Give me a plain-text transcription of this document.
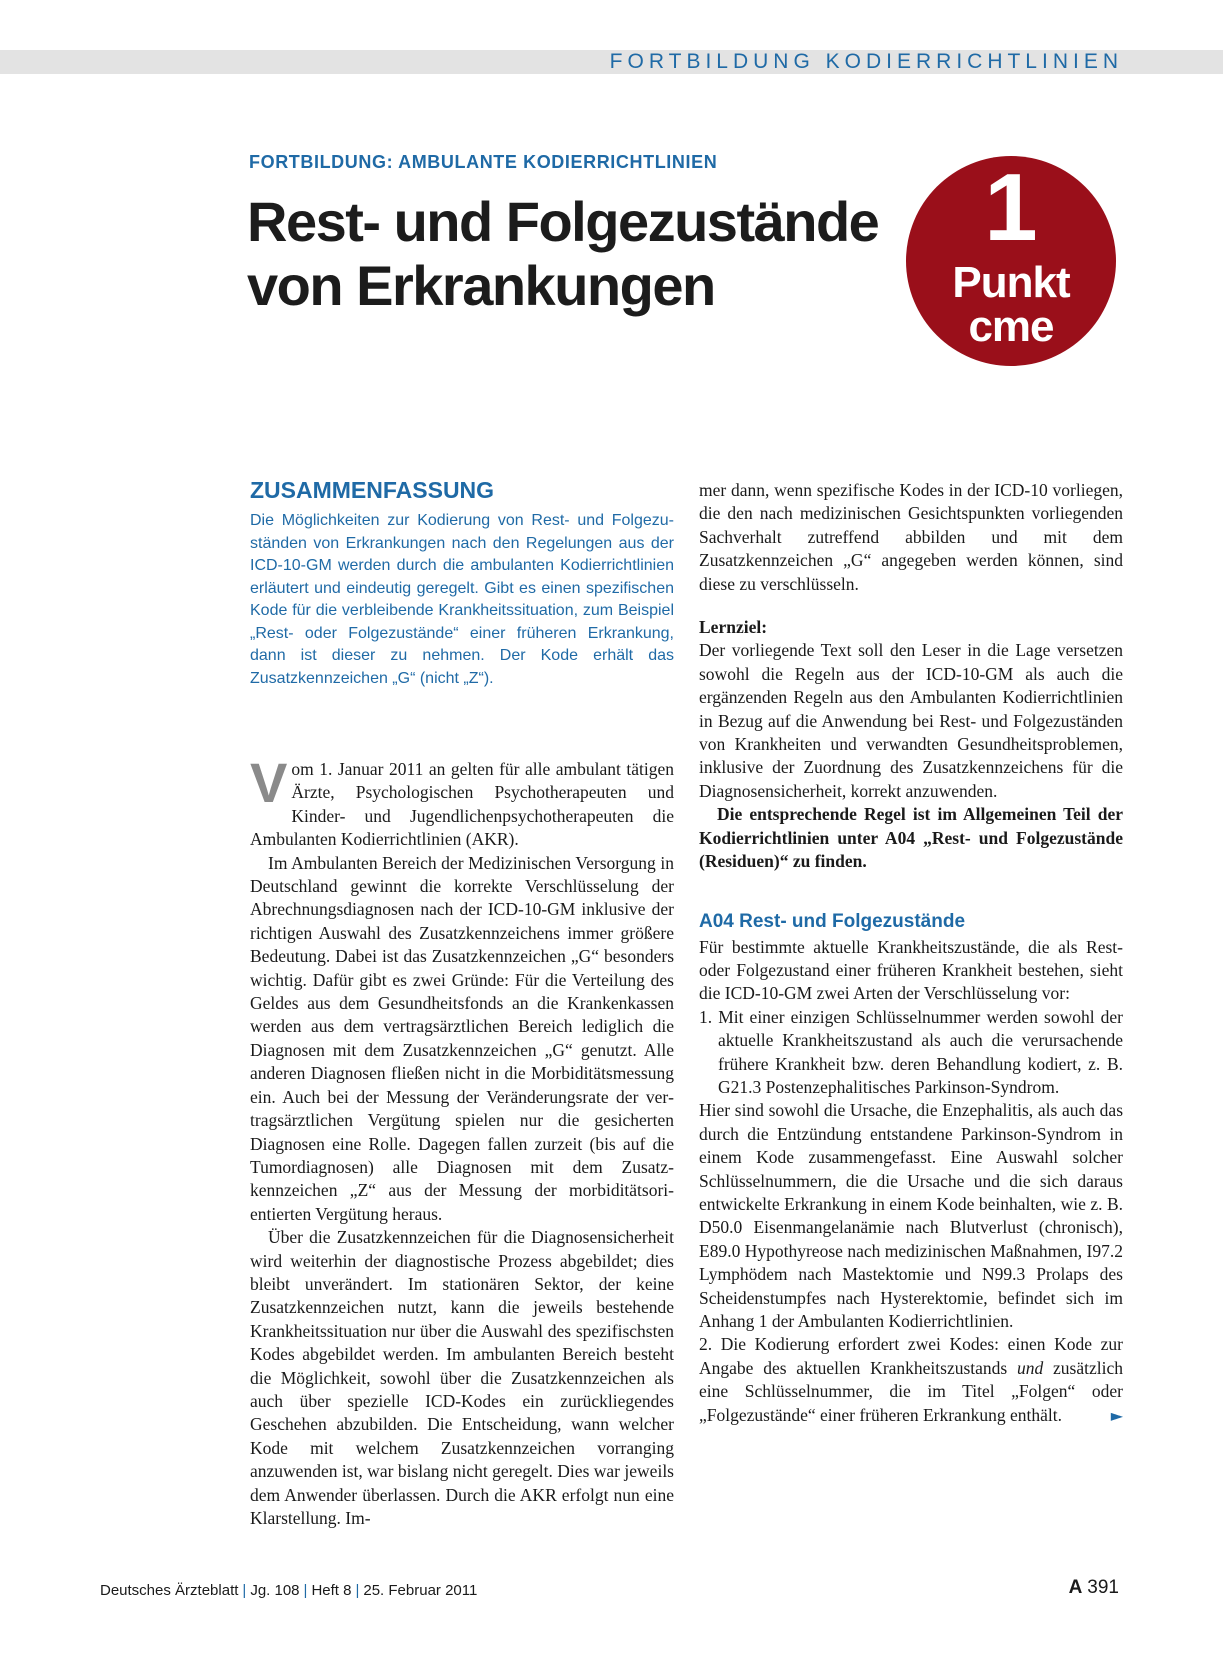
FORTBILDUNG KODIERRICHTLINIEN
FORTBILDUNG: AMBULANTE KODIERRICHTLINIEN
Rest- und Folgezustände
von Erkrankungen
1
Punkt
cme
ZUSAMMENFASSUNG

Die Möglichkeiten zur Kodierung von Rest- und Folgezuständen von Erkrankungen nach den Regelungen aus der ICD-10-GM werden durch die ambulanten Kodierrichtlinien erläutert und eindeutig geregelt. Gibt es einen spezifischen Kode für die verbleibende Krankheitssituation, zum Beispiel „Rest- oder Folgezustände“ einer früheren Erkrankung, dann ist dieser zu nehmen. Der Kode erhält das Zusatzkennzeichen „G“ (nicht „Z“).

Vom 1. Januar 2011 an gelten für alle ambulant tätigen Ärzte, Psychologischen Psychotherapeuten und Kinder- und Jugendlichenpsychotherapeuten die Ambulanten Kodierrichtlinien (AKR).

Im Ambulanten Bereich der Medizinischen Versorgung in Deutschland gewinnt die korrekte Verschlüsselung der Abrechnungsdiagnosen nach der ICD-10-GM inklusive der richtigen Auswahl des Zusatzkennzeichens immer größere Bedeutung. Dabei ist das Zusatzkennzeichen „G“ besonders wichtig. Dafür gibt es zwei Gründe: Für die Verteilung des Geldes aus dem Gesundheitsfonds an die Krankenkassen werden aus dem vertragsärztlichen Bereich lediglich die Diagnosen mit dem Zusatzkennzeichen „G“ genutzt. Alle anderen Diagnosen fließen nicht in die Morbiditätsmessung ein. Auch bei der Messung der Veränderungsrate der vertragsärztlichen Vergütung spielen nur die gesicherten Diagnosen eine Rolle. Dagegen fallen zurzeit (bis auf die Tumordiagnosen) alle Diagnosen mit dem Zusatzkennzeichen „Z“ aus der Messung der morbiditätsorientierten Vergütung heraus.

Über die Zusatzkennzeichen für die Diagnosensicherheit wird weiterhin der diagnostische Prozess abgebildet; dies bleibt unverändert. Im stationären Sektor, der keine Zusatzkennzeichen nutzt, kann die jeweils bestehende Krankheitssituation nur über die Auswahl des spezifischsten Kodes abgebildet werden. Im ambulanten Bereich besteht die Möglichkeit, sowohl über die Zusatzkennzeichen als auch über spezielle ICD-Kodes ein zurückliegendes Geschehen abzubilden. Die Entscheidung, wann welcher Kode mit welchem Zusatzkennzeichen vorranging anzuwenden ist, war bislang nicht geregelt. Dies war jeweils dem Anwender überlassen. Durch die AKR erfolgt nun eine Klarstellung. Im-

mer dann, wenn spezifische Kodes in der ICD-10 vorliegen, die den nach medizinischen Gesichtspunkten vorliegenden Sachverhalt zutreffend abbilden und mit dem Zusatzkennzeichen „G“ angegeben werden können, sind diese zu verschlüsseln.

Lernziel:

Der vorliegende Text soll den Leser in die Lage versetzen sowohl die Regeln aus der ICD-10-GM als auch die ergänzenden Regeln aus den Ambulanten Kodierrichtlinien in Bezug auf die Anwendung bei Rest- und Folgezuständen von Krankheiten und verwandten Gesundheitsproblemen, inklusive der Zuordnung des Zusatzkennzeichens für die Diagnosensicherheit, korrekt anzuwenden.

Die entsprechende Regel ist im Allgemeinen Teil der Kodierrichtlinien unter A04 „Rest- und Folgezustände (Residuen)“ zu finden.

A04 Rest- und Folgezustände

Für bestimmte aktuelle Krankheitszustände, die als Rest- oder Folgezustand einer früheren Krankheit bestehen, sieht die ICD-10-GM zwei Arten der Verschlüsselung vor:

1. Mit einer einzigen Schlüsselnummer werden sowohl der aktuelle Krankheitszustand als auch die verursachende frühere Krankheit bzw. deren Behandlung kodiert, z. B. G21.3 Postenzephalitisches Parkinson-Syndrom.

Hier sind sowohl die Ursache, die Enzephalitis, als auch das durch die Entzündung entstandene Parkinson-Syndrom in einem Kode zusammengefasst. Eine Auswahl solcher Schlüsselnummern, die die Ursache und die sich daraus entwickelte Erkrankung in einem Kode beinhalten, wie z. B. D50.0 Eisenmangelanämie nach Blutverlust (chronisch), E89.0 Hypothyreose nach medizinischen Maßnahmen, I97.2 Lymphödem nach Mastektomie und N99.3 Prolaps des Scheidenstumpfes nach Hysterektomie, befindet sich im Anhang 1 der Ambulanten Kodierrichtlinien.

2. Die Kodierung erfordert zwei Kodes: einen Kode zur Angabe des aktuellen Krankheitszustands und zusätzlich eine Schlüsselnummer, die im Titel „Folgen“ oder „Folgezustände“ einer früheren Erkrankung enthält.	►

Deutsches Ärzteblatt | Jg. 108 | Heft 8 | 25. Februar 2011	A 391
